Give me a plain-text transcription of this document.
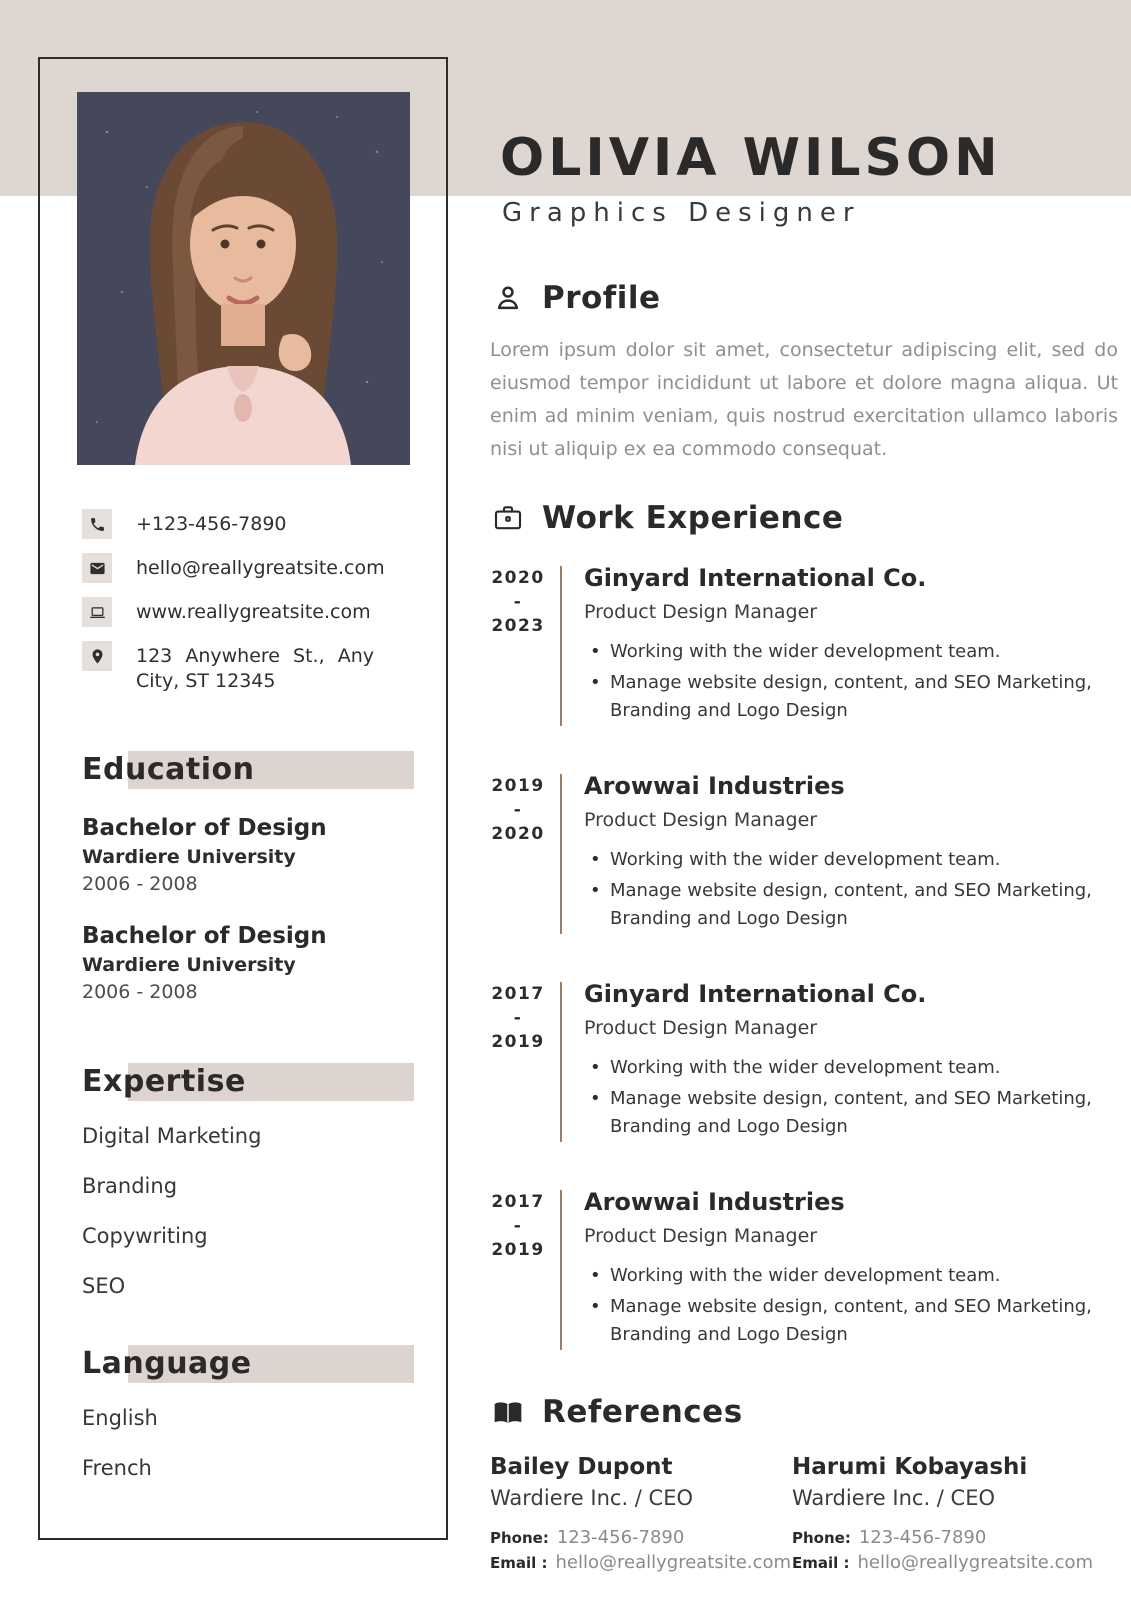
+123-456-7890
hello@reallygreatsite.com
www.reallygreatsite.com
123 Anywhere St., Any City, ST 12345
Education
Bachelor of Design
Wardiere University
2006 - 2008
Bachelor of Design
Wardiere University
2006 - 2008
Expertise
Digital Marketing
Branding
Copywriting
SEO
Language
English
French
OLIVIA WILSON
Graphics Designer
Profile

Lorem ipsum dolor sit amet, consectetur adipiscing elit, sed do eiusmod tempor incididunt ut labore et dolore magna aliqua. Ut enim ad minim veniam, quis nostrud exercitation ullamco laboris nisi ut aliquip ex ea commodo consequat.

Work Experience
2020
-
2023
Ginyard International Co.
Product Design Manager
• Working with the wider development team.
• Manage website design, content, and SEO Marketing, Branding and Logo Design
2019
-
2020
Arowwai Industries
Product Design Manager
• Working with the wider development team.
• Manage website design, content, and SEO Marketing, Branding and Logo Design
2017
-
2019
Ginyard International Co.
Product Design Manager
• Working with the wider development team.
• Manage website design, content, and SEO Marketing, Branding and Logo Design
2017
-
2019
Arowwai Industries
Product Design Manager
• Working with the wider development team.
• Manage website design, content, and SEO Marketing, Branding and Logo Design
References
Bailey Dupont
Wardiere Inc. / CEO
Phone: 123-456-7890
Email : hello@reallygreatsite.com
Harumi Kobayashi
Wardiere Inc. / CEO
Phone: 123-456-7890
Email : hello@reallygreatsite.com
